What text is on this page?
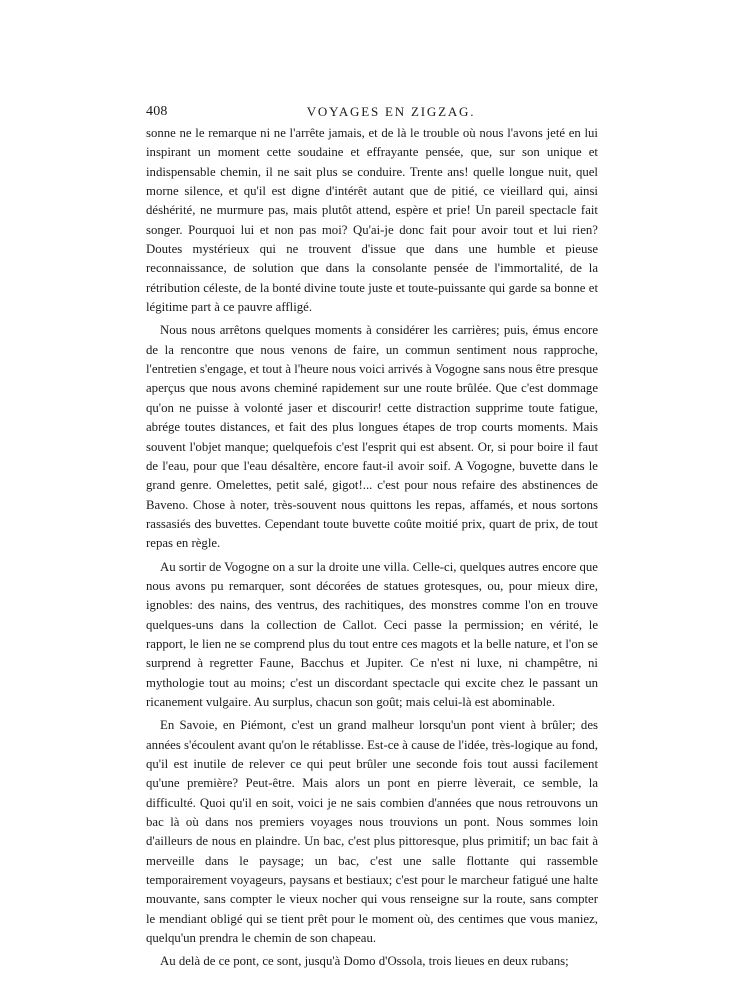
408	VOYAGES EN ZIGZAG.

sonne ne le remarque ni ne l'arrête jamais, et de là le trouble où nous l'avons jeté en lui inspirant un moment cette soudaine et effrayante pensée, que, sur son unique et indispensable chemin, il ne sait plus se conduire. Trente ans! quelle longue nuit, quel morne silence, et qu'il est digne d'intérêt autant que de pitié, ce vieillard qui, ainsi déshérité, ne murmure pas, mais plutôt attend, espère et prie! Un pareil spectacle fait songer. Pourquoi lui et non pas moi? Qu'ai-je donc fait pour avoir tout et lui rien? Doutes mystérieux qui ne trouvent d'issue que dans une humble et pieuse reconnaissance, de solution que dans la consolante pensée de l'immortalité, de la rétribution céleste, de la bonté divine toute juste et toute-puissante qui garde sa bonne et légitime part à ce pauvre affligé.

Nous nous arrêtons quelques moments à considérer les carrières; puis, émus encore de la rencontre que nous venons de faire, un commun sentiment nous rapproche, l'entretien s'engage, et tout à l'heure nous voici arrivés à Vogogne sans nous être presque aperçus que nous avons cheminé rapidement sur une route brûlée. Que c'est dommage qu'on ne puisse à volonté jaser et discourir! cette distraction supprime toute fatigue, abrége toutes distances, et fait des plus longues étapes de trop courts moments. Mais souvent l'objet manque; quelquefois c'est l'esprit qui est absent. Or, si pour boire il faut de l'eau, pour que l'eau désaltère, encore faut-il avoir soif. A Vogogne, buvette dans le grand genre. Omelettes, petit salé, gigot!... c'est pour nous refaire des abstinences de Baveno. Chose à noter, très-souvent nous quittons les repas, affamés, et nous sortons rassasiés des buvettes. Cependant toute buvette coûte moitié prix, quart de prix, de tout repas en règle.

Au sortir de Vogogne on a sur la droite une villa. Celle-ci, quelques autres encore que nous avons pu remarquer, sont décorées de statues grotesques, ou, pour mieux dire, ignobles: des nains, des ventrus, des rachitiques, des monstres comme l'on en trouve quelques-uns dans la collection de Callot. Ceci passe la permission; en vérité, le rapport, le lien ne se comprend plus du tout entre ces magots et la belle nature, et l'on se surprend à regretter Faune, Bacchus et Jupiter. Ce n'est ni luxe, ni champêtre, ni mythologie tout au moins; c'est un discordant spectacle qui excite chez le passant un ricanement vulgaire. Au surplus, chacun son goût; mais celui-là est abominable.

En Savoie, en Piémont, c'est un grand malheur lorsqu'un pont vient à brûler; des années s'écoulent avant qu'on le rétablisse. Est-ce à cause de l'idée, très-logique au fond, qu'il est inutile de relever ce qui peut brûler une seconde fois tout aussi facilement qu'une première? Peut-être. Mais alors un pont en pierre lèverait, ce semble, la difficulté. Quoi qu'il en soit, voici je ne sais combien d'années que nous retrouvons un bac là où dans nos premiers voyages nous trouvions un pont. Nous sommes loin d'ailleurs de nous en plaindre. Un bac, c'est plus pittoresque, plus primitif; un bac fait à merveille dans le paysage; un bac, c'est une salle flottante qui rassemble temporairement voyageurs, paysans et bestiaux; c'est pour le marcheur fatigué une halte mouvante, sans compter le vieux nocher qui vous renseigne sur la route, sans compter le mendiant obligé qui se tient prêt pour le moment où, des centimes que vous maniez, quelqu'un prendra le chemin de son chapeau.

Au delà de ce pont, ce sont, jusqu'à Domo d'Ossola, trois lieues en deux rubans;
